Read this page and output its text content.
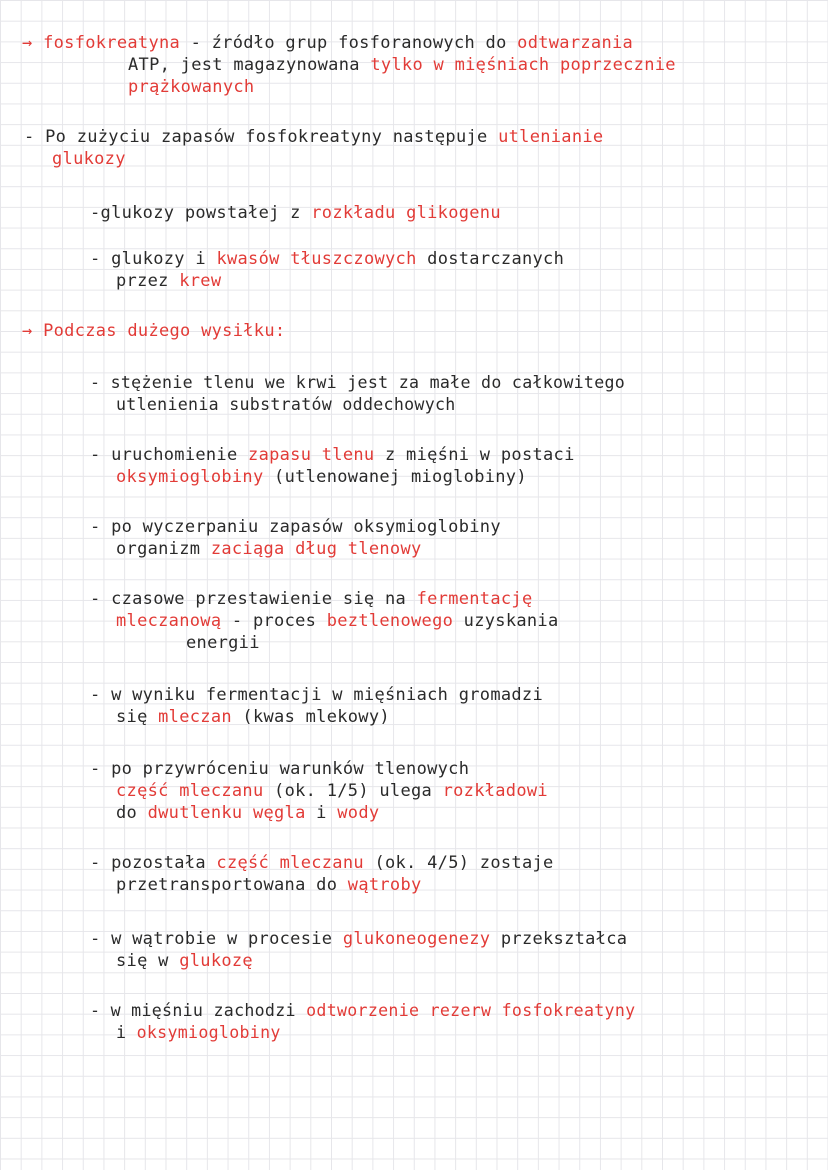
→ fosfokreatyna - źródło grup fosforanowych do odtwarzania
ATP, jest magazynowana tylko w mięśniach poprzecznie
prążkowanych
- Po zużyciu zapasów fosfokreatyny następuje utlenianie
glukozy
-glukozy powstałej z rozkładu glikogenu
- glukozy i kwasów tłuszczowych dostarczanych
przez krew
→ Podczas dużego wysiłku:
- stężenie tlenu we krwi jest za małe do całkowitego
utlenienia substratów oddechowych
- uruchomienie zapasu tlenu z mięśni w postaci
oksymioglobiny (utlenowanej mioglobiny)
- po wyczerpaniu zapasów oksymioglobiny
organizm zaciąga dług tlenowy
- czasowe przestawienie się na fermentację
mleczanową - proces beztlenowego uzyskania
energii
- w wyniku fermentacji w mięśniach gromadzi
się mleczan (kwas mlekowy)
- po przywróceniu warunków tlenowych
część mleczanu (ok. 1/5) ulega rozkładowi
do dwutlenku węgla i wody
- pozostała część mleczanu (ok. 4/5) zostaje
przetransportowana do wątroby
- w wątrobie w procesie glukoneogenezy przekształca
się w glukozę
- w mięśniu zachodzi odtworzenie rezerw fosfokreatyny
i oksymioglobiny
